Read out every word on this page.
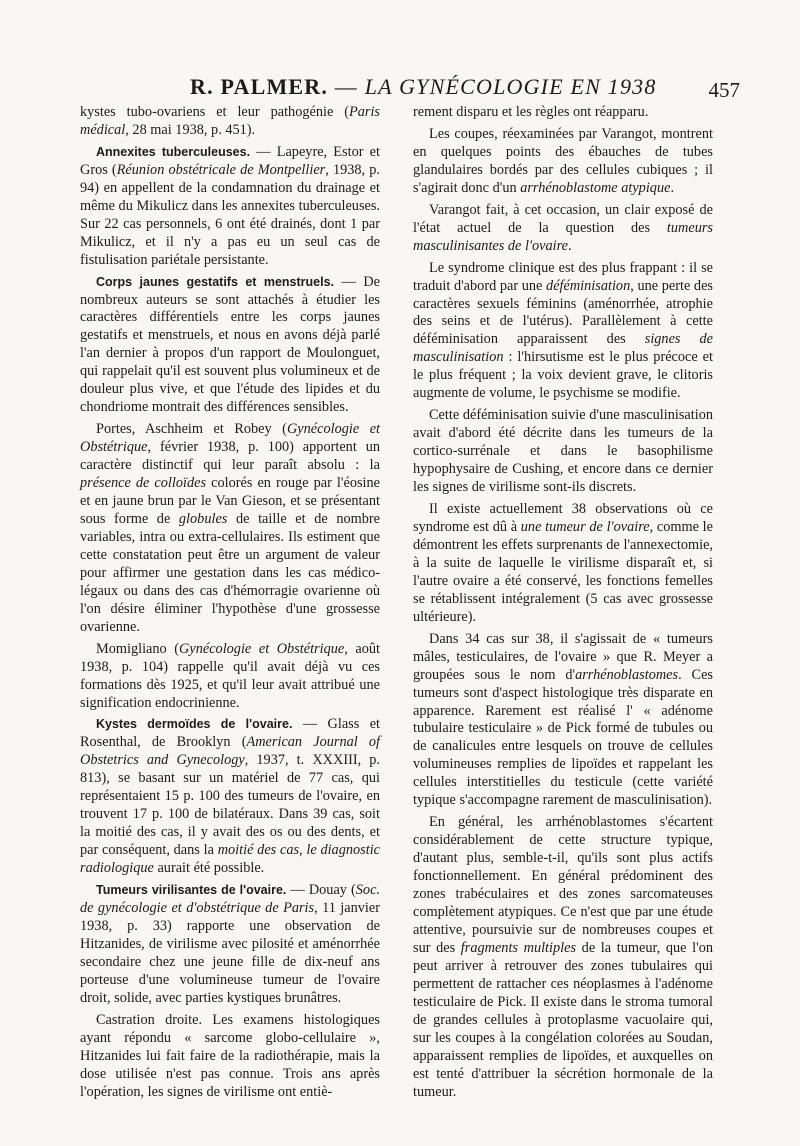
R. PALMER. — LA GYNÉCOLOGIE EN 1938 457

kystes tubo-ovariens et leur pathogénie (Paris médical, 28 mai 1938, p. 451).

Annexites tuberculeuses. — Lapeyre, Estor et Gros (Réunion obstétricale de Montpellier, 1938, p. 94) en appellent de la condamnation du drainage et même du Mikulicz dans les annexites tuberculeuses. Sur 22 cas personnels, 6 ont été drainés, dont 1 par Mikulicz, et il n'y a pas eu un seul cas de fistulisation pariétale persistante.

Corps jaunes gestatifs et menstruels. — De nombreux auteurs se sont attachés à étudier les caractères différentiels entre les corps jaunes gestatifs et menstruels, et nous en avons déjà parlé l'an dernier à propos d'un rapport de Moulonguet, qui rappelait qu'il est souvent plus volumineux et de douleur plus vive, et que l'étude des lipides et du chondriome montrait des différences sensibles.

Portes, Aschheim et Robey (Gynécologie et Obstétrique, février 1938, p. 100) apportent un caractère distinctif qui leur paraît absolu : la présence de colloïdes colorés en rouge par l'éosine et en jaune brun par le Van Gieson, et se présentant sous forme de globules de taille et de nombre variables, intra ou extra-cellulaires. Ils estiment que cette constatation peut être un argument de valeur pour affirmer une gestation dans les cas médico-légaux ou dans des cas d'hémorragie ovarienne où l'on désire éliminer l'hypothèse d'une grossesse ovarienne.

Momigliano (Gynécologie et Obstétrique, août 1938, p. 104) rappelle qu'il avait déjà vu ces formations dès 1925, et qu'il leur avait attribué une signification endocrinienne.

Kystes dermoïdes de l'ovaire. — Glass et Rosenthal, de Brooklyn (American Journal of Obstetrics and Gynecology, 1937, t. XXXIII, p. 813), se basant sur un matériel de 77 cas, qui représentaient 15 p. 100 des tumeurs de l'ovaire, en trouvent 17 p. 100 de bilatéraux. Dans 39 cas, soit la moitié des cas, il y avait des os ou des dents, et par conséquent, dans la moitié des cas, le diagnostic radiologique aurait été possible.

Tumeurs virilisantes de l'ovaire. — Douay (Soc. de gynécologie et d'obstétrique de Paris, 11 janvier 1938, p. 33) rapporte une observation de Hitzanides, de virilisme avec pilosité et aménorrhée secondaire chez une jeune fille de dix-neuf ans porteuse d'une volumineuse tumeur de l'ovaire droit, solide, avec parties kystiques brunâtres.

Castration droite. Les examens histologiques ayant répondu « sarcome globo-cellulaire », Hitzanides lui fait faire de la radiothérapie, mais la dose utilisée n'est pas connue. Trois ans après l'opération, les signes de virilisme ont entiè-

rement disparu et les règles ont réapparu.

Les coupes, réexaminées par Varangot, montrent en quelques points des ébauches de tubes glandulaires bordés par des cellules cubiques ; il s'agirait donc d'un arrhénoblastome atypique.

Varangot fait, à cet occasion, un clair exposé de l'état actuel de la question des tumeurs masculinisantes de l'ovaire.

Le syndrome clinique est des plus frappant : il se traduit d'abord par une déféminisation, une perte des caractères sexuels féminins (aménorrhée, atrophie des seins et de l'utérus). Parallèlement à cette déféminisation apparaissent des signes de masculinisation : l'hirsutisme est le plus précoce et le plus fréquent ; la voix devient grave, le clitoris augmente de volume, le psychisme se modifie.

Cette déféminisation suivie d'une masculinisation avait d'abord été décrite dans les tumeurs de la cortico-surrénale et dans le basophilisme hypophysaire de Cushing, et encore dans ce dernier les signes de virilisme sont-ils discrets.

Il existe actuellement 38 observations où ce syndrome est dû à une tumeur de l'ovaire, comme le démontrent les effets surprenants de l'annexectomie, à la suite de laquelle le virilisme disparaît et, si l'autre ovaire a été conservé, les fonctions femelles se rétablissent intégralement (5 cas avec grossesse ultérieure).

Dans 34 cas sur 38, il s'agissait de « tumeurs mâles, testiculaires, de l'ovaire » que R. Meyer a groupées sous le nom d'arrhénoblastomes. Ces tumeurs sont d'aspect histologique très disparate en apparence. Rarement est réalisé l' « adénome tubulaire testiculaire » de Pick formé de tubules ou de canalicules entre lesquels on trouve de cellules volumineuses remplies de lipoïdes et rappelant les cellules interstitielles du testicule (cette variété typique s'accompagne rarement de masculinisation).

En général, les arrhénoblastomes s'écartent considérablement de cette structure typique, d'autant plus, semble-t-il, qu'ils sont plus actifs fonctionnellement. En général prédominent des zones trabéculaires et des zones sarcomateuses complètement atypiques. Ce n'est que par une étude attentive, poursuivie sur de nombreuses coupes et sur des fragments multiples de la tumeur, que l'on peut arriver à retrouver des zones tubulaires qui permettent de rattacher ces néoplasmes à l'adénome testiculaire de Pick. Il existe dans le stroma tumoral de grandes cellules à protoplasme vacuolaire qui, sur les coupes à la congélation colorées au Soudan, apparaissent remplies de lipoïdes, et auxquelles on est tenté d'attribuer la sécrétion hormonale de la tumeur.
